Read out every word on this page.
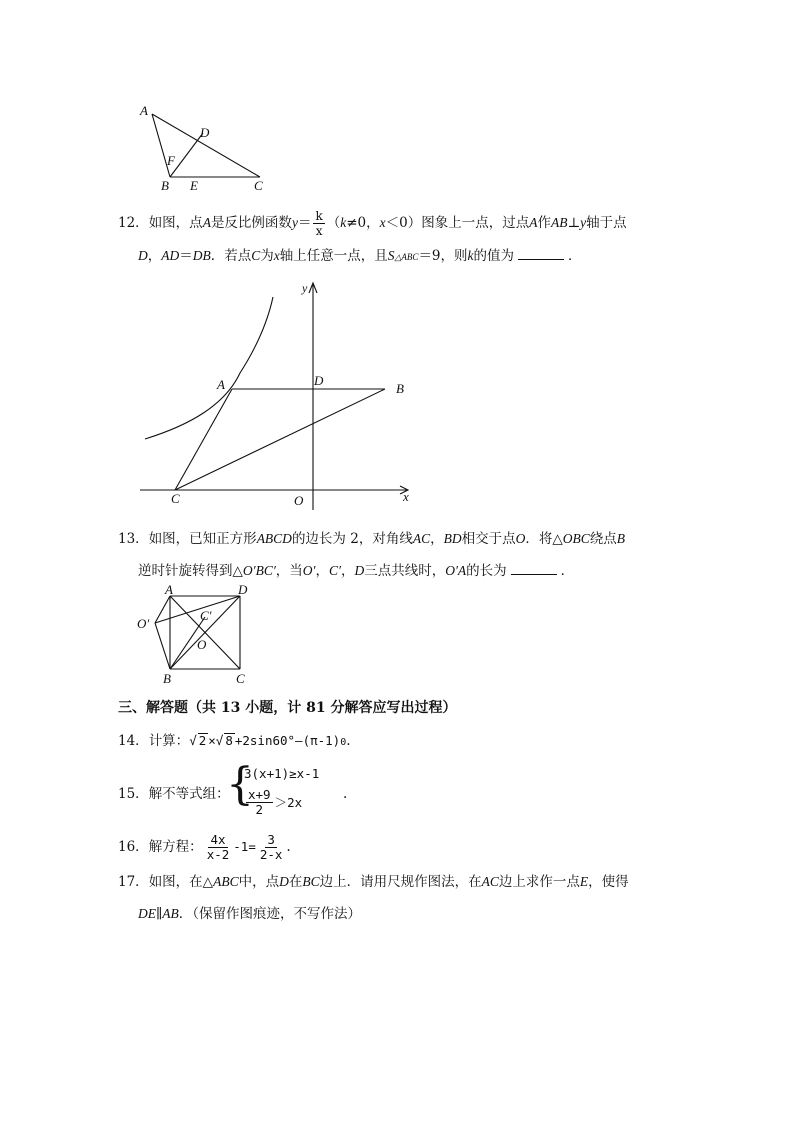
A
D
F
B E	C
12． 如图，点 A 是反比例函数 $y = \frac{k}{x}$ （ k ≠0， x ＜0）图象上一点，过点 A 作 AB ⊥ y 轴于点
D ， AD ＝ DB ．若点 C 为 x 轴上任意一点，且 S △ABC ＝9，则 k 的值为	．
y
A	D
B
C	O	x
13． 如图，已知正方形 ABCD 的边长为 2，对角线 AC ， BD 相交于点 O ．将△ OBC 绕点 B
逆时针旋转得到△ O′BC′ ，当 O′ ， C′ ， D 三点共线时， O′A 的长为	．
A	D
O′
C′
O
B	C
三、解答题（共 13 小题，计 81 分解答应写出过程）
14． 计算： √ 2 × √ 8 +2sin60°–(π-1) 0 .
15． 解不等式组：
{
3(x+1)≥x-1
$\frac{x+9}{2} >2x$	.
16． 解方程： $\frac{4x}{x-2} -1= \frac{3}{2-x}$ .
17． 如图，在△ ABC 中，点 D 在 BC 边上．请用尺规作图法，在 AC 边上求作一点 E ，使得
DE ∥ AB ．（保留作图痕迹，不写作法）
